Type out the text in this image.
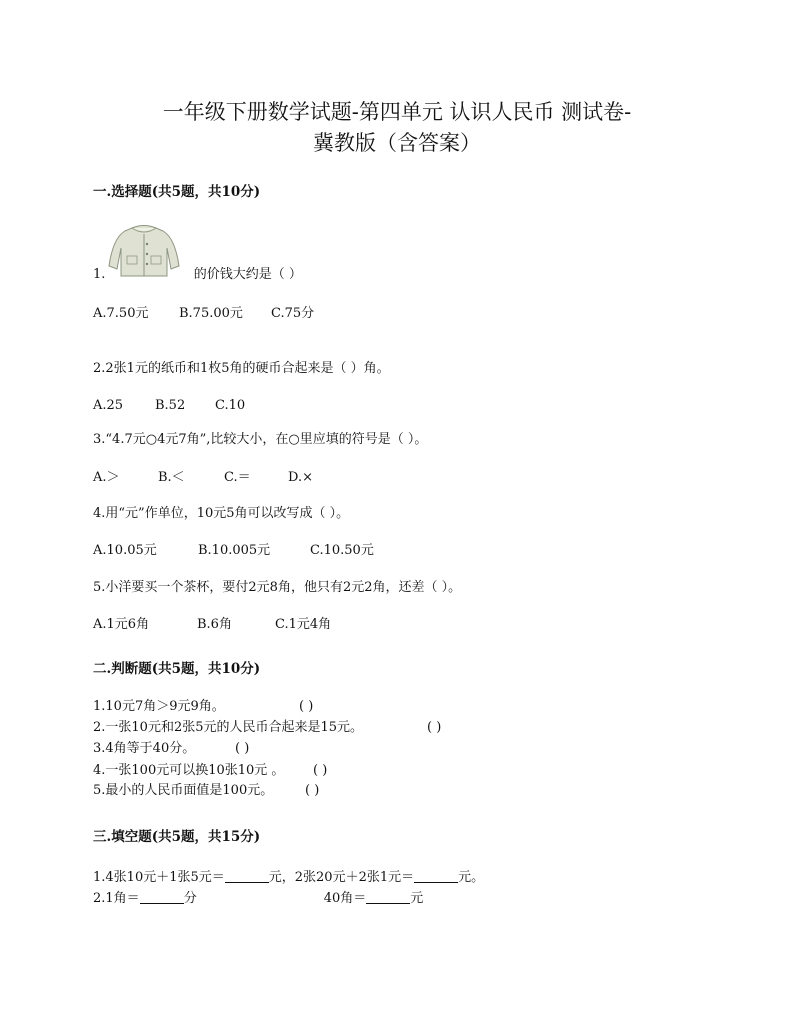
一年级下册数学试题-第四单元 认识人民币 测试卷-
冀教版（含答案）
一.选择题(共5题，共10分)
1.	的价钱大约是（ ）
A.7.50元 B.75.00元 C.75分
2.2张1元的纸币和1枚5角的硬币合起来是（ ）角。
A.25 B.52 C.10
3.“4.7元○4元7角”,比较大小，在○里应填的符号是（ ）。
A.＞	B.＜	C.＝	D.×
4.用“元”作单位，10元5角可以改写成（ ）。
A.10.05元	B.10.005元	C.10.50元
5.小洋要买一个茶杯，要付2元8角，他只有2元2角，还差（ ）。
A.1元6角	B.6角	C.1元4角
二.判断题(共5题，共10分)
1.10元7角＞9元9角。	( )
2.一张10元和2张5元的人民币合起来是15元。	( )
3.4角等于40分。	( )
4.一张100元可以换10张10元 。 ( )
5.最小的人民币面值是100元。 ( )
三.填空题(共5题，共15分)
1.4张10元＋1张5元＝	元，2张20元＋2张1元＝	元。
2.1角＝	分	40角＝	元
